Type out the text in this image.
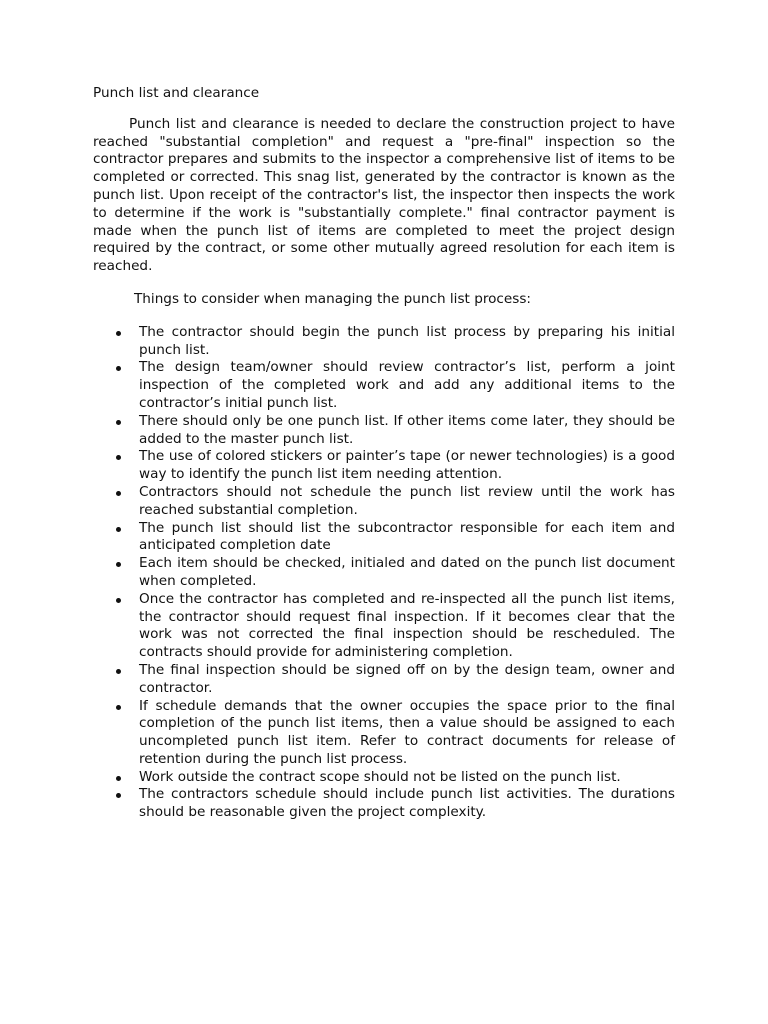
Punch list and clearance

Punch list and clearance is needed to declare the construction project to have reached "substantial completion" and request a "pre-final" inspection so the contractor prepares and submits to the inspector a comprehensive list of items to be completed or corrected. This snag list, generated by the contractor is known as the punch list. Upon receipt of the contractor's list, the inspector then inspects the work to determine if the work is "substantially complete." final contractor payment is made when the punch list of items are completed to meet the project design required by the contract, or some other mutually agreed resolution for each item is reached.

Things to consider when managing the punch list process:

The contractor should begin the punch list process by preparing his initial punch list.
The design team/owner should review contractor’s list, perform a joint inspection of the completed work and add any additional items to the contractor’s initial punch list.
There should only be one punch list. If other items come later, they should be added to the master punch list.
The use of colored stickers or painter’s tape (or newer technologies) is a good way to identify the punch list item needing attention.
Contractors should not schedule the punch list review until the work has reached substantial completion.
The punch list should list the subcontractor responsible for each item and anticipated completion date
Each item should be checked, initialed and dated on the punch list document when completed.
Once the contractor has completed and re-inspected all the punch list items, the contractor should request final inspection. If it becomes clear that the work was not corrected the final inspection should be rescheduled. The contracts should provide for administering completion.
The final inspection should be signed off on by the design team, owner and contractor.
If schedule demands that the owner occupies the space prior to the final completion of the punch list items, then a value should be assigned to each uncompleted punch list item. Refer to contract documents for release of retention during the punch list process.
Work outside the contract scope should not be listed on the punch list.
The contractors schedule should include punch list activities. The durations should be reasonable given the project complexity.
